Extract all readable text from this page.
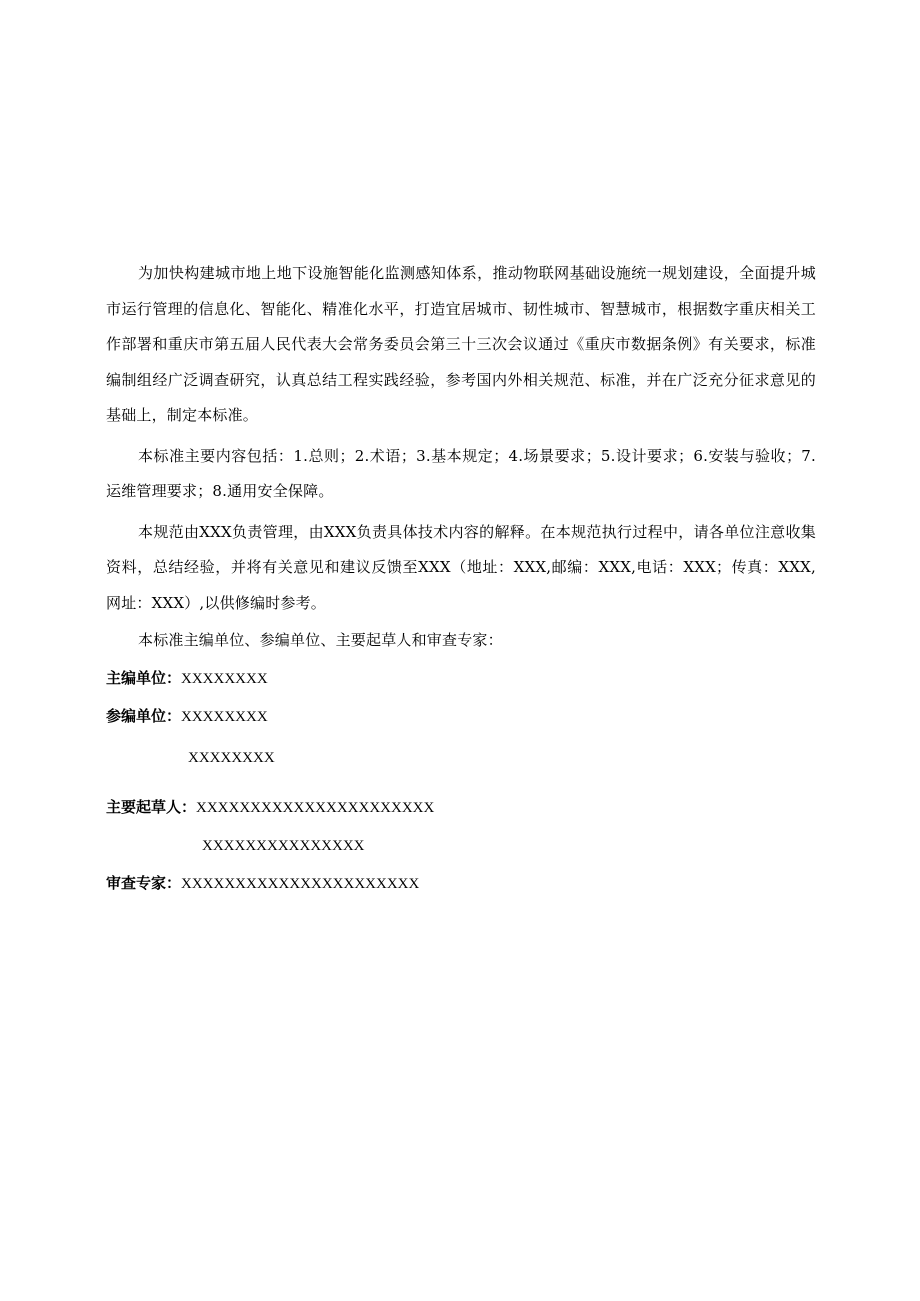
为加快构建城市地上地下设施智能化监测感知体系，推动物联网基础设施统一规划建设，全面提升城市运行管理的信息化、智能化、精准化水平，打造宜居城市、韧性城市、智慧城市，根据数字重庆相关工作部署和重庆市第五届人民代表大会常务委员会第三十三次会议通过《重庆市数据条例》有关要求，标准编制组经广泛调查研究，认真总结工程实践经验，参考国内外相关规范、标准，并在广泛充分征求意见的基础上，制定本标准。

本标准主要内容包括：1.总则；2.术语；3.基本规定；4.场景要求；5.设计要求；6.安装与验收；7.运维管理要求；8.通用安全保障。

本规范由XXX负责管理，由XXX负责具体技术内容的解释。在本规范执行过程中，请各单位注意收集资料，总结经验，并将有关意见和建议反馈至XXX（地址：XXX,邮编：XXX,电话：XXX；传真：XXX,网址：XXX）,以供修编时参考。

本标准主编单位、参编单位、主要起草人和审查专家：

主编单位：XXXXXXXX
参编单位：XXXXXXXX
XXXXXXXX
主要起草人：XXXXXXXXXXXXXXXXXXXXXX
XXXXXXXXXXXXXXX
审查专家：XXXXXXXXXXXXXXXXXXXXXX
